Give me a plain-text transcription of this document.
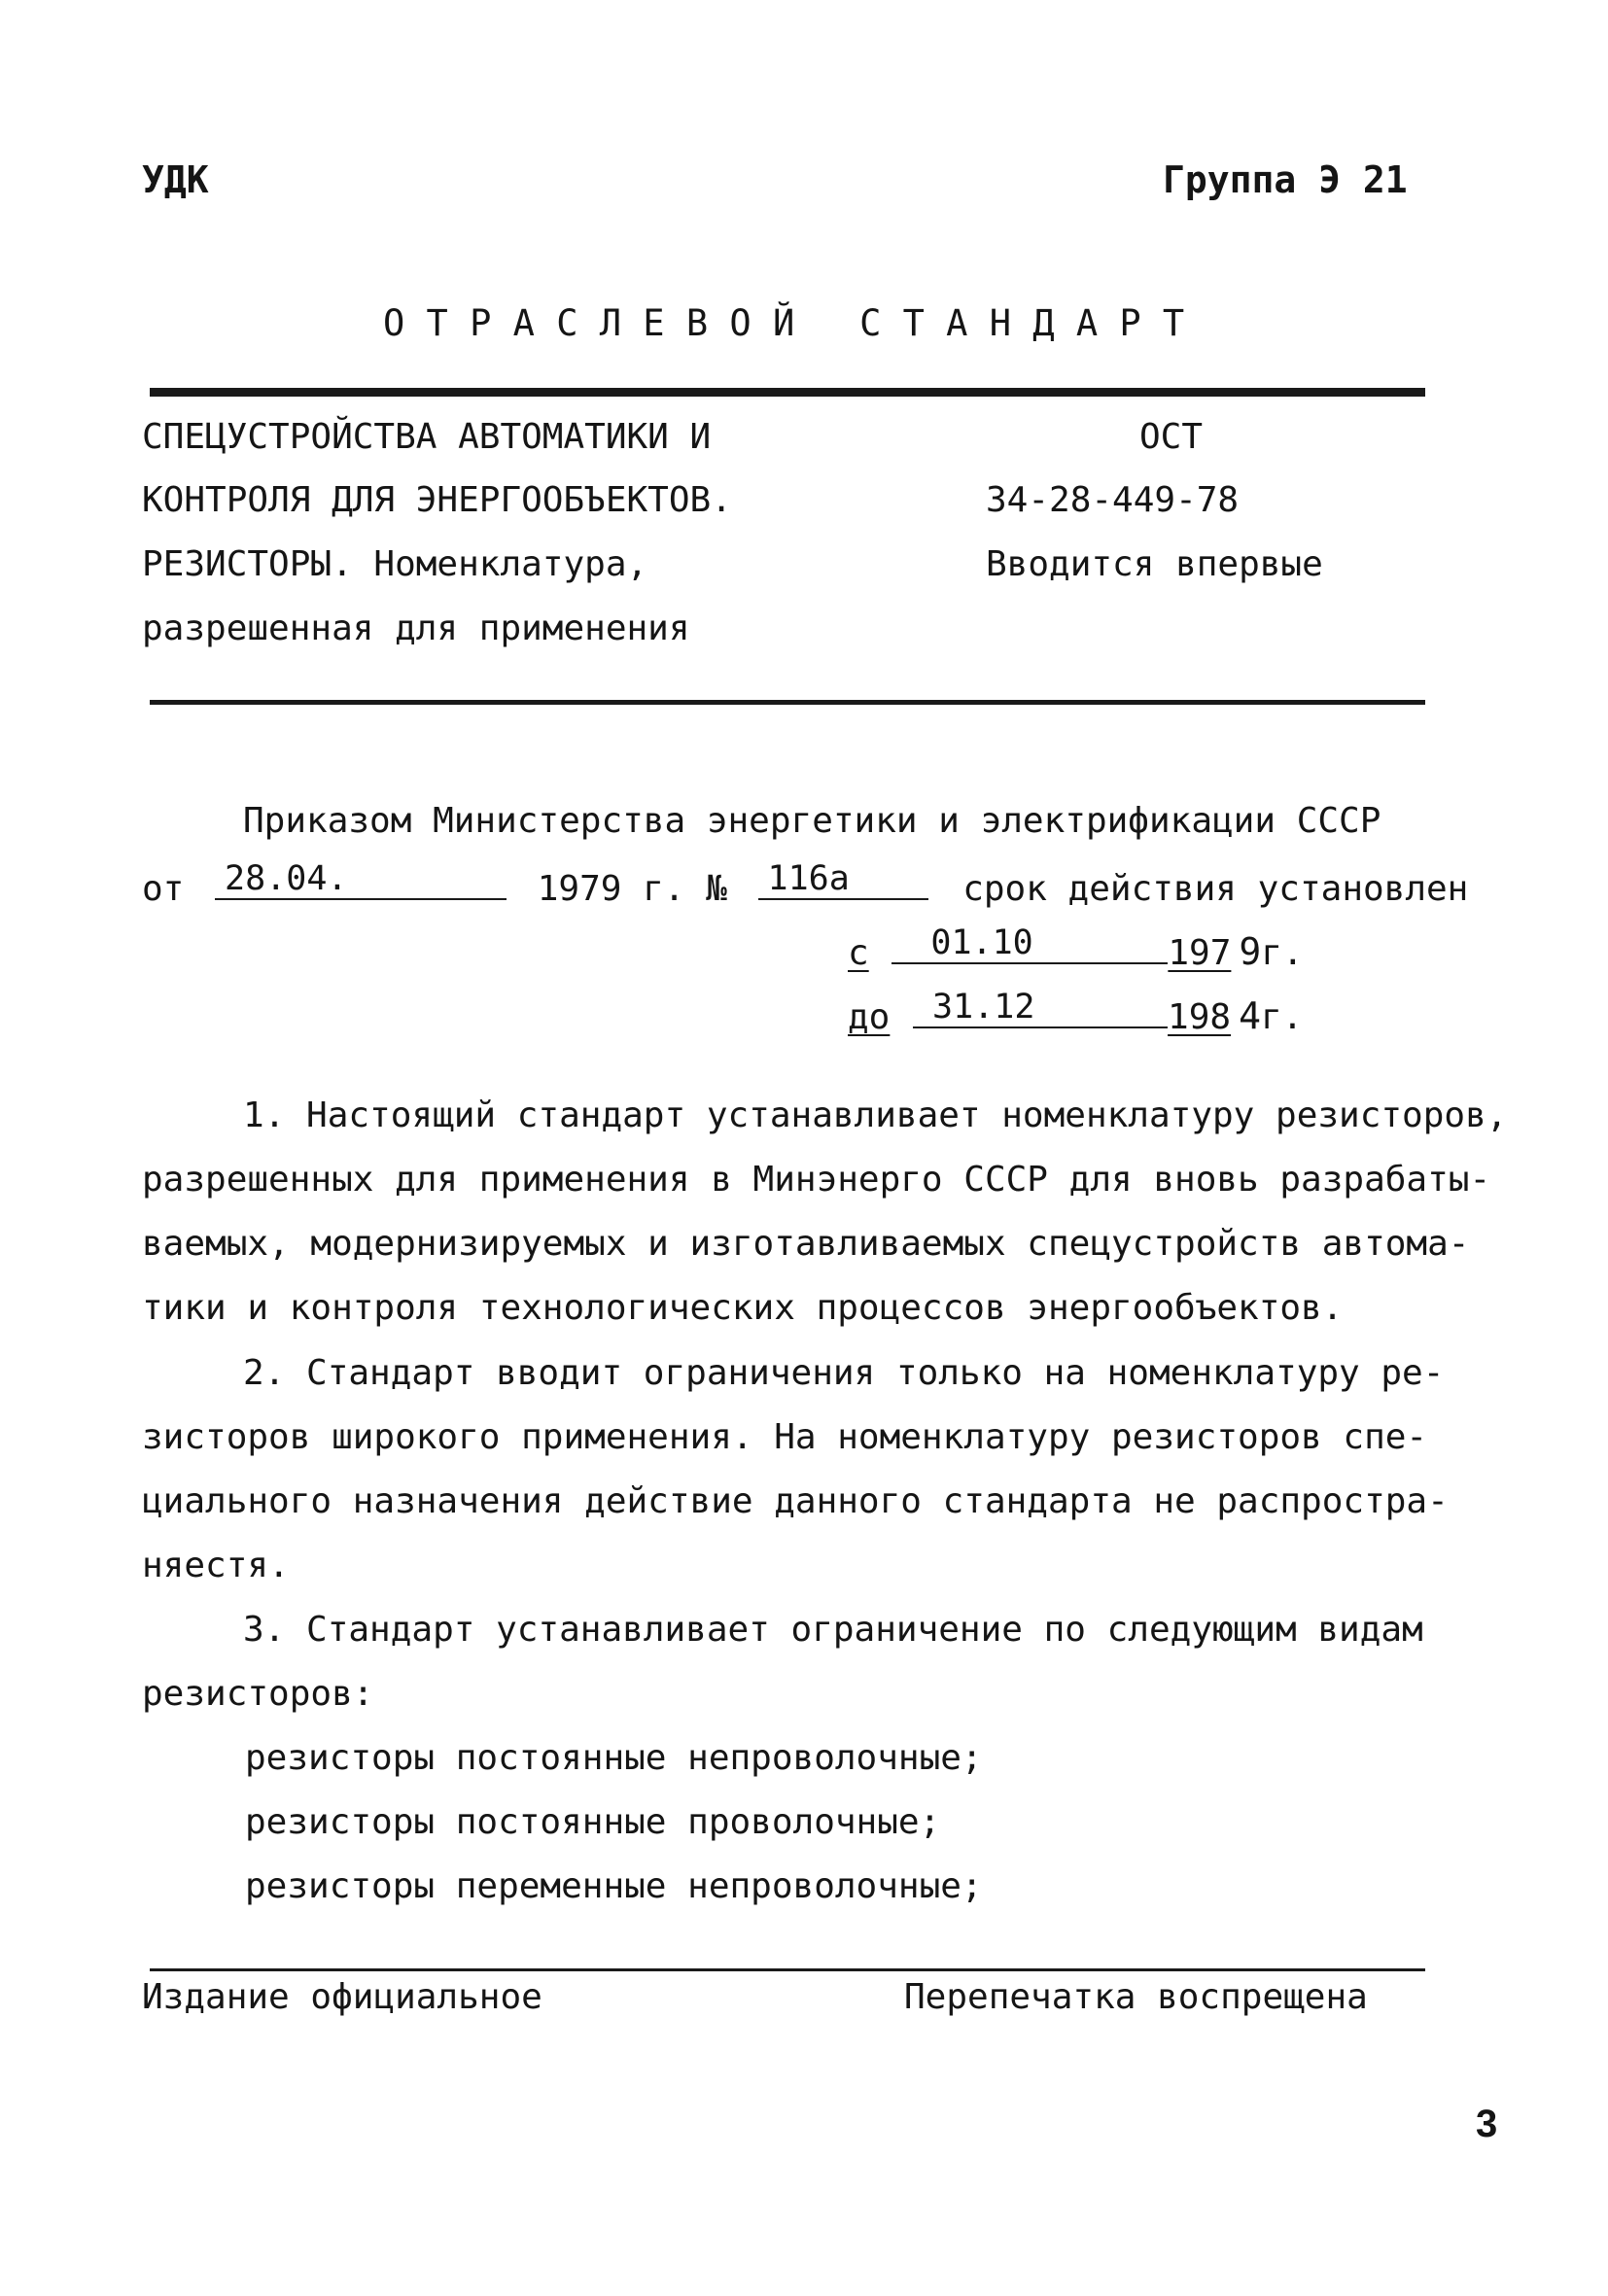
УДК	Группа Э 21
О Т Р А С Л Е В О Й   С Т А Н Д А Р Т
СПЕЦУСТРОЙСТВА АВТОМАТИКИ И
КОНТРОЛЯ ДЛЯ ЭНЕРГООБЪЕКТОВ.
РЕЗИСТОРЫ. Номенклатура,
разрешенная для применения
ОСТ
34-28-449-78
Вводится впервые
Приказом Министерства энергетики и электрификации СССР
от 28.04.	1979 г. № 116а	срок действия установлен
с 01.10	197 9г.
до 31.12	198 4г.
1. Настоящий стандарт устанавливает номенклатуру резисторов,
разрешенных для применения в Минэнерго СССР для вновь разрабаты-
ваемых, модернизируемых и изготавливаемых спецустройств автома-
тики и контроля технологических процессов энергообъектов.
2. Стандарт вводит ограничения только на номенклатуру ре-
зисторов широкого применения. На номенклатуру резисторов спе-
циального назначения действие данного стандарта не распростра-
няестя.
3. Стандарт устанавливает ограничение по следующим видам
резисторов:
резисторы постоянные непроволочные;
резисторы постоянные проволочные;
резисторы переменные непроволочные;
Издание официальное	Перепечатка воспрещена
3
